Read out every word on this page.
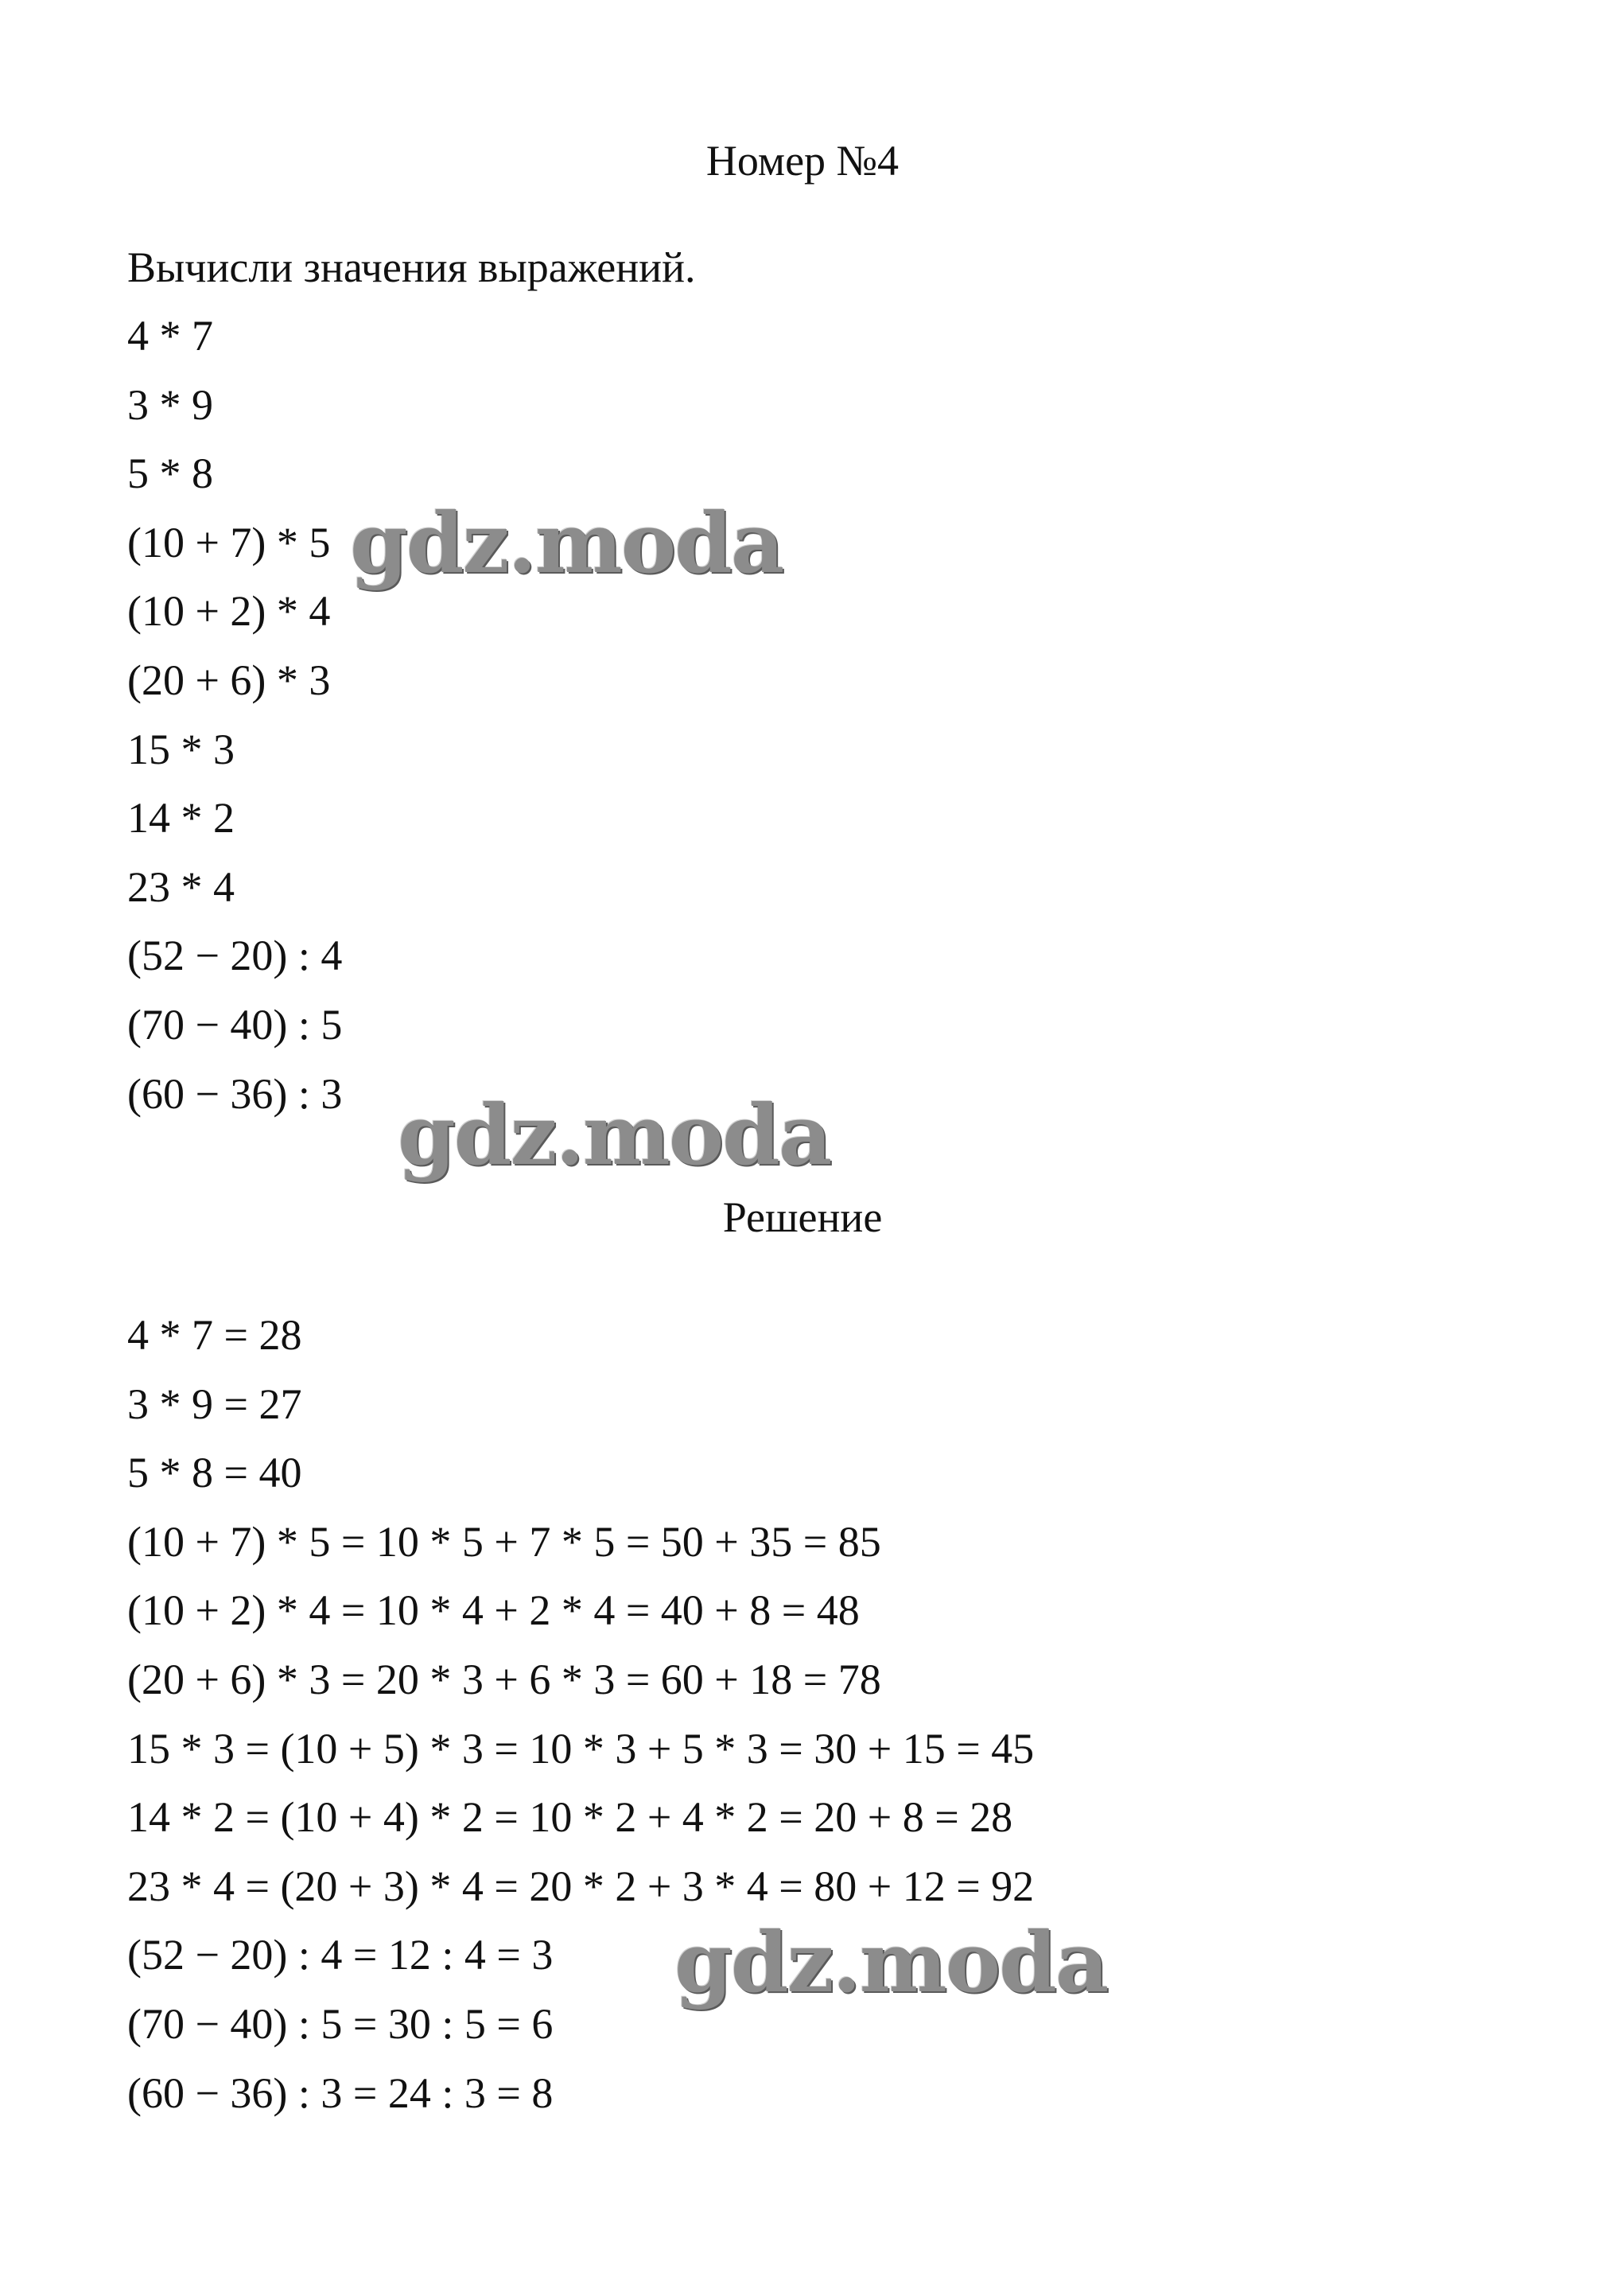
Номер №4
Вычисли значения выражений.
4 * 7
3 * 9
5 * 8
(10 + 7) * 5
(10 + 2) * 4
(20 + 6) * 3
15 * 3
14 * 2
23 * 4
(52 − 20) : 4
(70 − 40) : 5
(60 − 36) : 3
Решение
4 * 7 = 28
3 * 9 = 27
5 * 8 = 40
(10 + 7) * 5 = 10 * 5 + 7 * 5 = 50 + 35 = 85
(10 + 2) * 4 = 10 * 4 + 2 * 4 = 40 + 8 = 48
(20 + 6) * 3 = 20 * 3 + 6 * 3 = 60 + 18 = 78
15 * 3 = (10 + 5) * 3 = 10 * 3 + 5 * 3 = 30 + 15 = 45
14 * 2 = (10 + 4) * 2 = 10 * 2 + 4 * 2 = 20 + 8 = 28
23 * 4 = (20 + 3) * 4 = 20 * 2 + 3 * 4 = 80 + 12 = 92
(52 − 20) : 4 = 12 : 4 = 3
(70 − 40) : 5 = 30 : 5 = 6
(60 − 36) : 3 = 24 : 3 = 8
gdz.moda
gdz.moda
gdz.moda
